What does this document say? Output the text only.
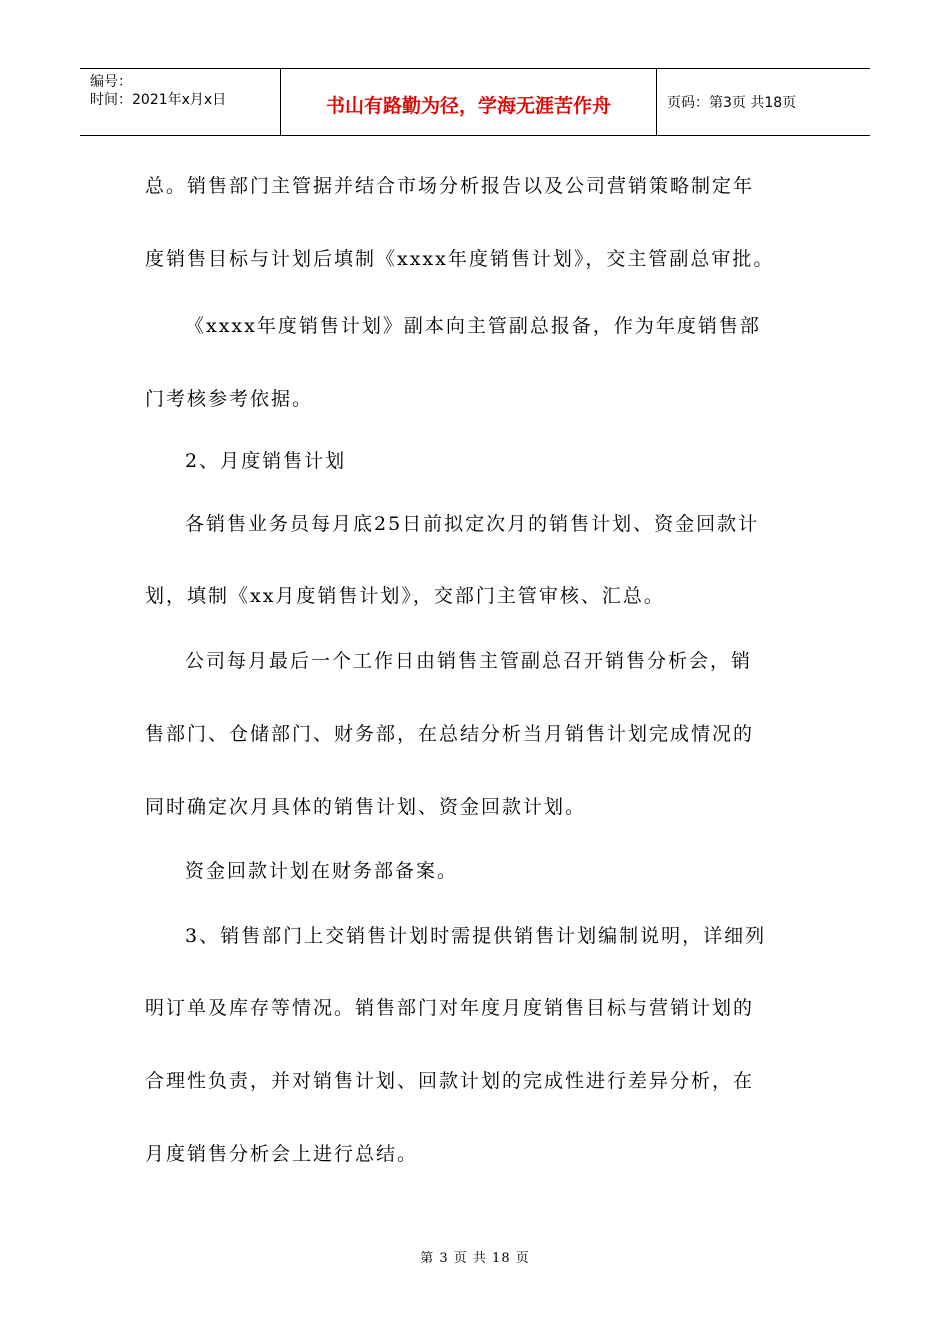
编号：
时间：2021年x月x日	书山有路勤为径，学海无涯苦作舟	页码：第3页 共18页
总。销售部门主管据并结合市场分析报告以及公司营销策略制定年
度销售目标与计划后填制《xxxx年度销售计划》，交主管副总审批。
《xxxx年度销售计划》副本向主管副总报备，作为年度销售部
门考核参考依据。
2、月度销售计划
各销售业务员每月底25日前拟定次月的销售计划、资金回款计
划，填制《xx月度销售计划》，交部门主管审核、汇总。
公司每月最后一个工作日由销售主管副总召开销售分析会，销
售部门、仓储部门、财务部，在总结分析当月销售计划完成情况的
同时确定次月具体的销售计划、资金回款计划。
资金回款计划在财务部备案。
3、销售部门上交销售计划时需提供销售计划编制说明，详细列
明订单及库存等情况。销售部门对年度月度销售目标与营销计划的
合理性负责，并对销售计划、回款计划的完成性进行差异分析，在
月度销售分析会上进行总结。
第 3 页 共 18 页
